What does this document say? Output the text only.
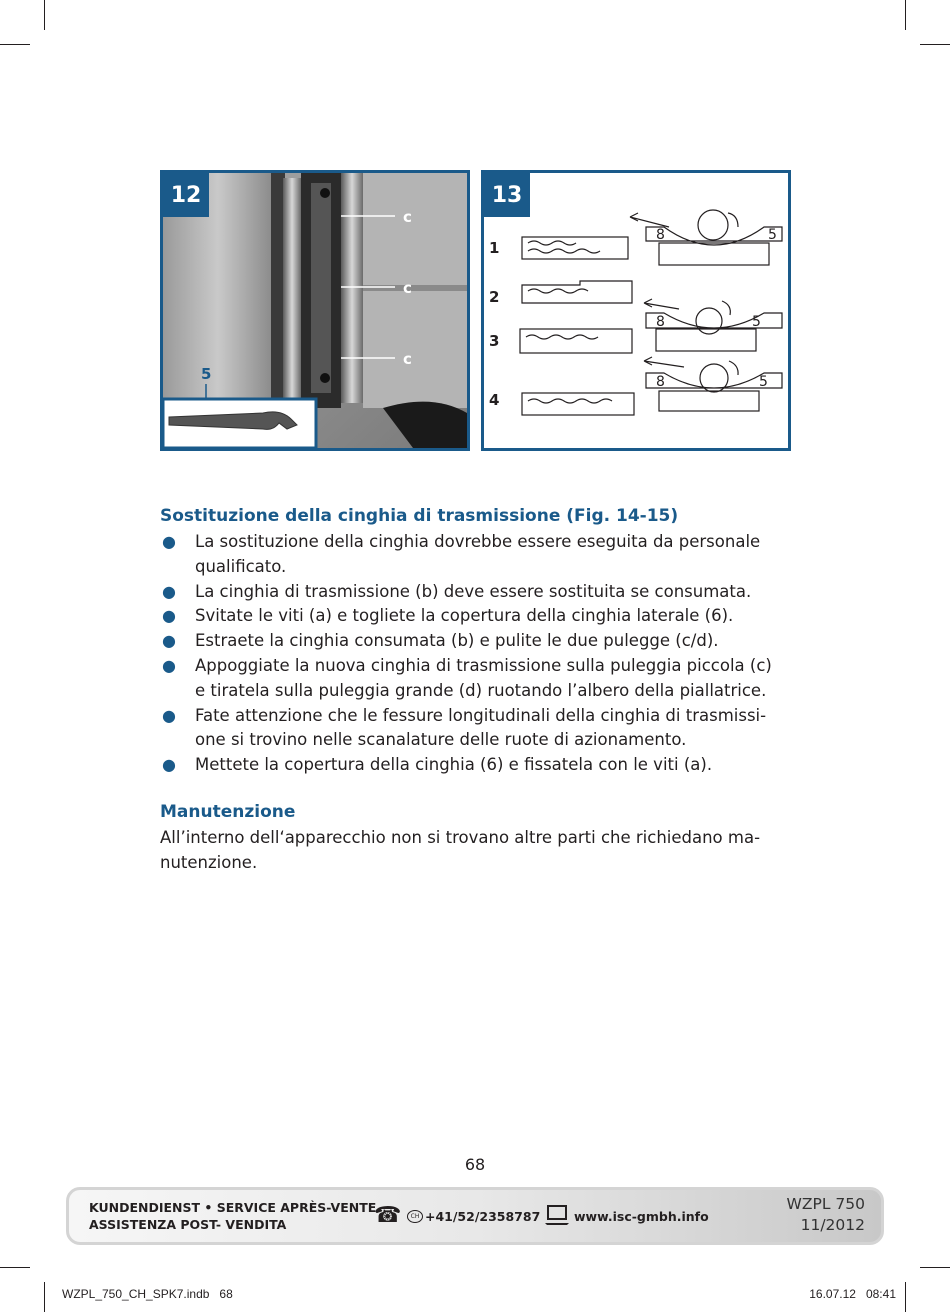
c
c
c
5
12
1
2
3
4
8	5
8	5
8	5
13
Sostituzione della cinghia di trasmissione (Fig. 14-15)
● La sostituzione della cinghia dovrebbe essere eseguita da personale
qualificato.
● La cinghia di trasmissione (b) deve essere sostituita se consumata.
● Svitate le viti (a) e togliete la copertura della cinghia laterale (6).
● Estraete la cinghia consumata (b) e pulite le due pulegge (c/d).
● Appoggiate la nuova cinghia di trasmissione sulla puleggia piccola (c)
e tiratela sulla puleggia grande (d) ruotando l’albero della piallatrice.
● Fate attenzione che le fessure longitudinali della cinghia di trasmissi-
one si trovino nelle scanalature delle ruote di azionamento.
● Mettete la copertura della cinghia (6) e fissatela con le viti (a).
Manutenzione

All’interno dell‘apparecchio non si trovano altre parti che richiedano ma-
nutenzione.

68
KUNDENDIENST • SERVICE APRÈS-VENTE
ASSISTENZA POST- VENDITA	☎	CH +41/52/2358787	www.isc-gmbh.info
WZPL 750
11/2012
WZPL_750_CH_SPK7.indb   68	16.07.12   08:41
